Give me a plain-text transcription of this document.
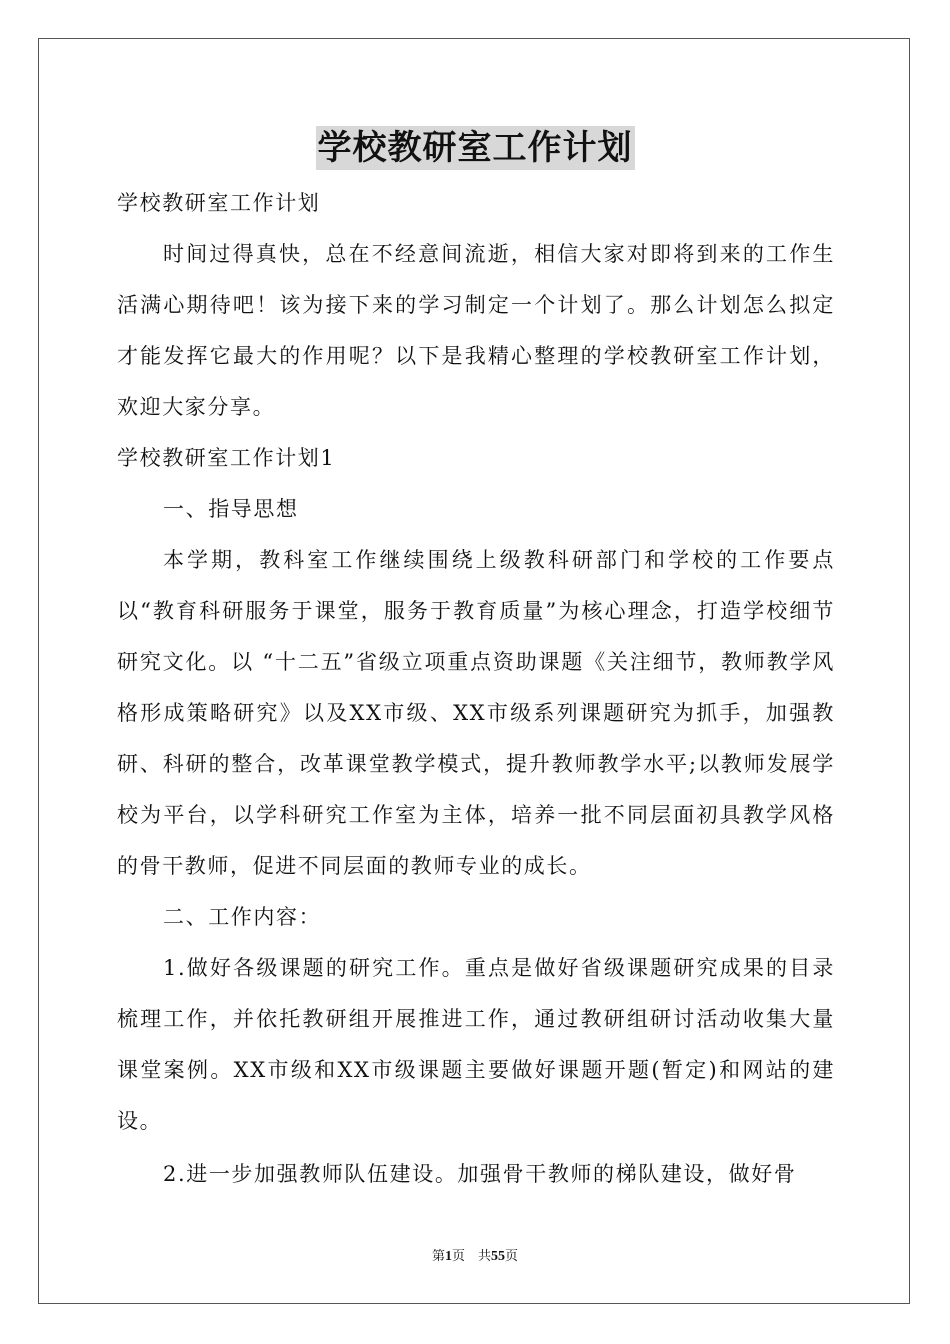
学校教研室工作计划

学校教研室工作计划

时间过得真快，总在不经意间流逝，相信大家对即将到来的工作生活满心期待吧！该为接下来的学习制定一个计划了。那么计划怎么拟定才能发挥它最大的作用呢？以下是我精心整理的学校教研室工作计划，欢迎大家分享。

学校教研室工作计划1

一、指导思想

本学期，教科室工作继续围绕上级教科研部门和学校的工作要点以“教育科研服务于课堂，服务于教育质量”为核心理念，打造学校细节研究文化。以 “十二五”省级立项重点资助课题《关注细节，教师教学风格形成策略研究》以及XX市级、XX市级系列课题研究为抓手，加强教研、科研的整合，改革课堂教学模式，提升教师教学水平;以教师发展学校为平台，以学科研究工作室为主体，培养一批不同层面初具教学风格的骨干教师，促进不同层面的教师专业的成长。

二、工作内容：

1.做好各级课题的研究工作。重点是做好省级课题研究成果的目录梳理工作，并依托教研组开展推进工作，通过教研组研讨活动收集大量课堂案例。XX市级和XX市级课题主要做好课题开题(暂定)和网站的建设。

2.进一步加强教师队伍建设。加强骨干教师的梯队建设，做好骨

第1页　共55页
